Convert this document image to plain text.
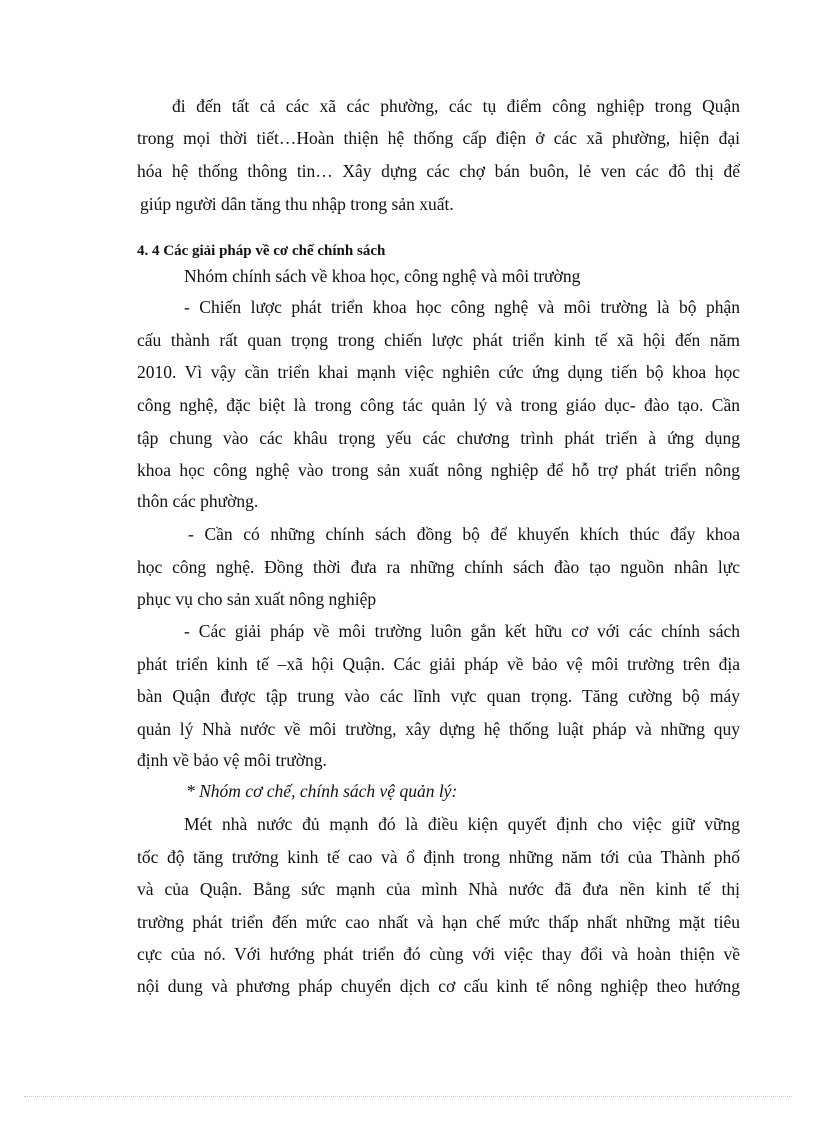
đi đến tất cả các xã các phường, các tụ điểm công nghiệp trong Quận
trong mọi thời tiết…Hoàn thiện hệ thống cấp điện ở các xã phường, hiện đại
hóa hệ thống thông tin… Xây dựng các chợ bán buôn, lẻ ven các đô thị để
giúp người dân tăng thu nhập trong sản xuất.
4. 4 Các giải pháp về cơ chế chính sách
Nhóm chính sách về khoa học, công nghệ và môi trường
- Chiến lược phát triển khoa học công nghệ và môi trường là bộ phận
cấu thành rất quan trọng trong chiến lược phát triển kinh tế xã hội đến năm
2010. Vì vậy cần triển khai mạnh việc nghiên cức ứng dụng tiến bộ khoa học
công nghệ, đặc biệt là trong công tác quản lý và trong giáo dục- đào tạo. Cần
tập chung vào các khâu trọng yếu các chương trình phát triển à ứng dụng
khoa học công nghệ vào trong sản xuất nông nghiệp để hỗ trợ phát triển nông
thôn các phường.
- Cần có những chính sách đồng bộ để khuyến khích thúc đẩy khoa
học công nghệ. Đồng thời đưa ra những chính sách đào tạo nguồn nhân lực
phục vụ cho sản xuất nông nghiệp
- Các giải pháp về môi trường luôn gắn kết hữu cơ với các chính sách
phát triển kinh tế –xã hội Quận. Các giải pháp về bảo vệ môi trường trên địa
bàn Quận được tập trung vào các lĩnh vực quan trọng. Tăng cường bộ máy
quản lý Nhà nước về môi trường, xây dựng hệ thống luật pháp và những quy
định về bảo vệ môi trường.
* Nhóm cơ chế, chính sách vệ quản lý:
Mét nhà nước đủ mạnh đó là điều kiện quyết định cho việc giữ vững
tốc độ tăng trưởng kinh tế cao và ổ định trong những năm tới của Thành phố
và của Quận. Bằng sức mạnh của mình Nhà nước đã đưa nền kinh tế thị
trường phát triển đến mức cao nhất và hạn chế mức thấp nhất những mặt tiêu
cực của nó. Với hướng phát triển đó cùng với việc thay đổi và hoàn thiện về
nội dung và phương pháp chuyển dịch cơ cấu kinh tế nông nghiệp theo hướng
